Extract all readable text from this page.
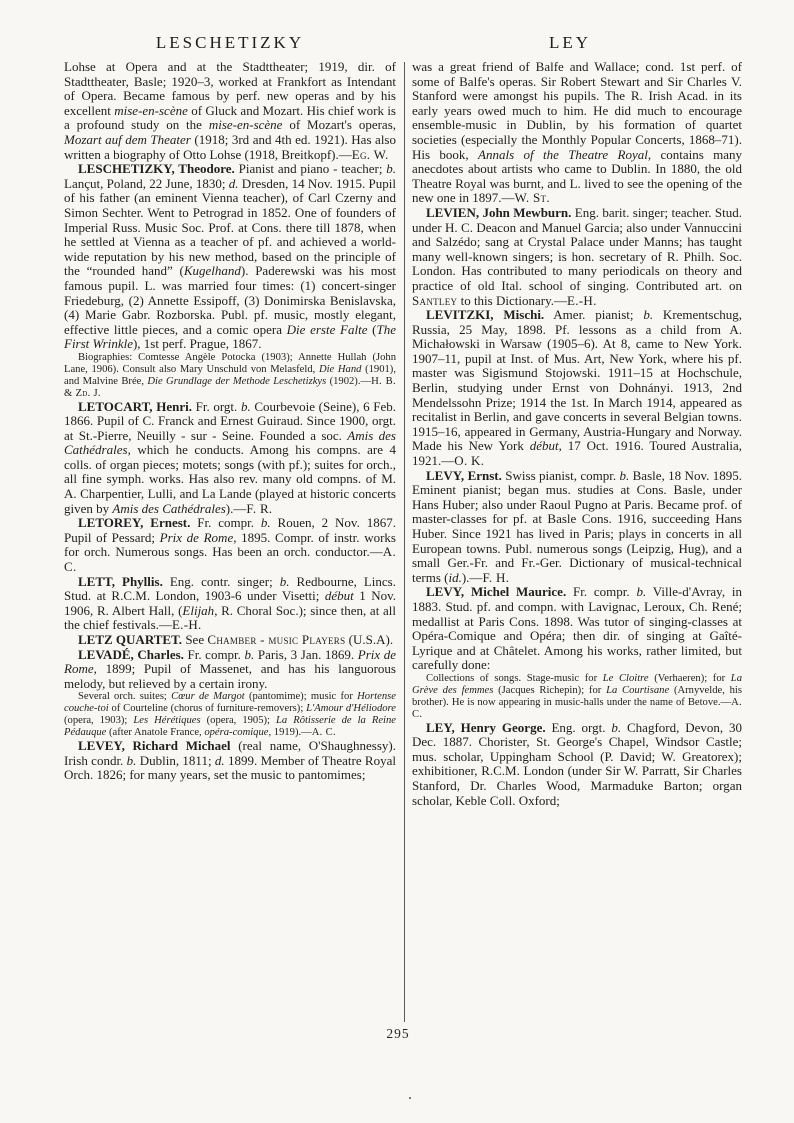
LESCHETIZKY	LEY

Lohse at Opera and at the Stadttheater; 1919, dir. of Stadttheater, Basle; 1920–3, worked at Frankfort as Intendant of Opera. Became famous by perf. new operas and by his excellent mise-en-scène of Gluck and Mozart. His chief work is a profound study on the mise-en-scène of Mozart's operas, Mozart auf dem Theater (1918; 3rd and 4th ed. 1921). Has also written a biography of Otto Lohse (1918, Breitkopf).—Eg. W.

LESCHETIZKY, Theodore. Pianist and piano - teacher; b. Lançut, Poland, 22 June, 1830; d. Dresden, 14 Nov. 1915. Pupil of his father (an eminent Vienna teacher), of Carl Czerny and Simon Sechter. Went to Petrograd in 1852. One of founders of Imperial Russ. Music Soc. Prof. at Cons. there till 1878, when he settled at Vienna as a teacher of pf. and achieved a world-wide reputation by his new method, based on the principle of the “rounded hand” (Kugelhand). Paderewski was his most famous pupil. L. was married four times: (1) concert-singer Friedeburg, (2) Annette Essipoff, (3) Donimirska Benislavska, (4) Marie Gabr. Rozborska. Publ. pf. music, mostly elegant, effective little pieces, and a comic opera Die erste Falte (The First Wrinkle), 1st perf. Prague, 1867.

Biographies: Comtesse Angèle Potocka (1903); Annette Hullah (John Lane, 1906). Consult also Mary Unschuld von Melasfeld, Die Hand (1901), and Malvine Brée, Die Grundlage der Methode Leschetizkys (1902).—H. B. & Zd. J.

LETOCART, Henri. Fr. orgt. b. Courbevoie (Seine), 6 Feb. 1866. Pupil of C. Franck and Ernest Guiraud. Since 1900, orgt. at St.-Pierre, Neuilly - sur - Seine. Founded a soc. Amis des Cathédrales, which he conducts. Among his compns. are 4 colls. of organ pieces; motets; songs (with pf.); suites for orch., all fine symph. works. Has also rev. many old compns. of M. A. Charpentier, Lulli, and La Lande (played at historic concerts given by Amis des Cathédrales).—F. R.

LETOREY, Ernest. Fr. compr. b. Rouen, 2 Nov. 1867. Pupil of Pessard; Prix de Rome, 1895. Compr. of instr. works for orch. Numerous songs. Has been an orch. conductor.—A. C.

LETT, Phyllis. Eng. contr. singer; b. Redbourne, Lincs. Stud. at R.C.M. London, 1903-6 under Visetti; début 1 Nov. 1906, R. Albert Hall, (Elijah, R. Choral Soc.); since then, at all the chief festivals.—E.-H.

LETZ QUARTET. See Chamber - music Players (U.S.A).

LEVADÉ, Charles. Fr. compr. b. Paris, 3 Jan. 1869. Prix de Rome, 1899; Pupil of Massenet, and has his languorous melody, but relieved by a certain irony.

Several orch. suites; Cœur de Margot (pantomime); music for Hortense couche-toi of Courteline (chorus of furniture-removers); L'Amour d'Héliodore (opera, 1903); Les Hérétiques (opera, 1905); La Rôtisserie de la Reine Pédauque (after Anatole France, opéra-comique, 1919).—A. C.

LEVEY, Richard Michael (real name, O'Shaughnessy). Irish condr. b. Dublin, 1811; d. 1899. Member of Theatre Royal Orch. 1826; for many years, set the music to pantomimes;

was a great friend of Balfe and Wallace; cond. 1st perf. of some of Balfe's operas. Sir Robert Stewart and Sir Charles V. Stanford were amongst his pupils. The R. Irish Acad. in its early years owed much to him. He did much to encourage ensemble-music in Dublin, by his formation of quartet societies (especially the Monthly Popular Concerts, 1868–71). His book, Annals of the Theatre Royal, contains many anecdotes about artists who came to Dublin. In 1880, the old Theatre Royal was burnt, and L. lived to see the opening of the new one in 1897.—W. St.

LEVIEN, John Mewburn. Eng. barit. singer; teacher. Stud. under H. C. Deacon and Manuel Garcia; also under Vannuccini and Salzédo; sang at Crystal Palace under Manns; has taught many well-known singers; is hon. secretary of R. Philh. Soc. London. Has contributed to many periodicals on theory and practice of old Ital. school of singing. Contributed art. on Santley to this Dictionary.—E.-H.

LEVITZKI, Mischi. Amer. pianist; b. Krementschug, Russia, 25 May, 1898. Pf. lessons as a child from A. Michałowski in Warsaw (1905–6). At 8, came to New York. 1907–11, pupil at Inst. of Mus. Art, New York, where his pf. master was Sigismund Stojowski. 1911–15 at Hochschule, Berlin, studying under Ernst von Dohnányi. 1913, 2nd Mendelssohn Prize; 1914 the 1st. In March 1914, appeared as recitalist in Berlin, and gave concerts in several Belgian towns. 1915–16, appeared in Germany, Austria-Hungary and Norway. Made his New York début, 17 Oct. 1916. Toured Australia, 1921.—O. K.

LEVY, Ernst. Swiss pianist, compr. b. Basle, 18 Nov. 1895. Eminent pianist; began mus. studies at Cons. Basle, under Hans Huber; also under Raoul Pugno at Paris. Became prof. of master-classes for pf. at Basle Cons. 1916, succeeding Hans Huber. Since 1921 has lived in Paris; plays in concerts in all European towns. Publ. numerous songs (Leipzig, Hug), and a small Ger.-Fr. and Fr.-Ger. Dictionary of musical-technical terms (id.).—F. H.

LEVY, Michel Maurice. Fr. compr. b. Ville-d'Avray, in 1883. Stud. pf. and compn. with Lavignac, Leroux, Ch. René; medallist at Paris Cons. 1898. Was tutor of singing-classes at Opéra-Comique and Opéra; then dir. of singing at Gaîté-Lyrique and at Châtelet. Among his works, rather limited, but carefully done:

Collections of songs. Stage-music for Le Cloitre (Verhaeren); for La Grève des femmes (Jacques Richepin); for La Courtisane (Arnyvelde, his brother). He is now appearing in music-halls under the name of Betove.—A. C.

LEY, Henry George. Eng. orgt. b. Chagford, Devon, 30 Dec. 1887. Chorister, St. George's Chapel, Windsor Castle; mus. scholar, Uppingham School (P. David; W. Greatorex); exhibitioner, R.C.M. London (under Sir W. Parratt, Sir Charles Stanford, Dr. Charles Wood, Marmaduke Barton; organ scholar, Keble Coll. Oxford;

295
